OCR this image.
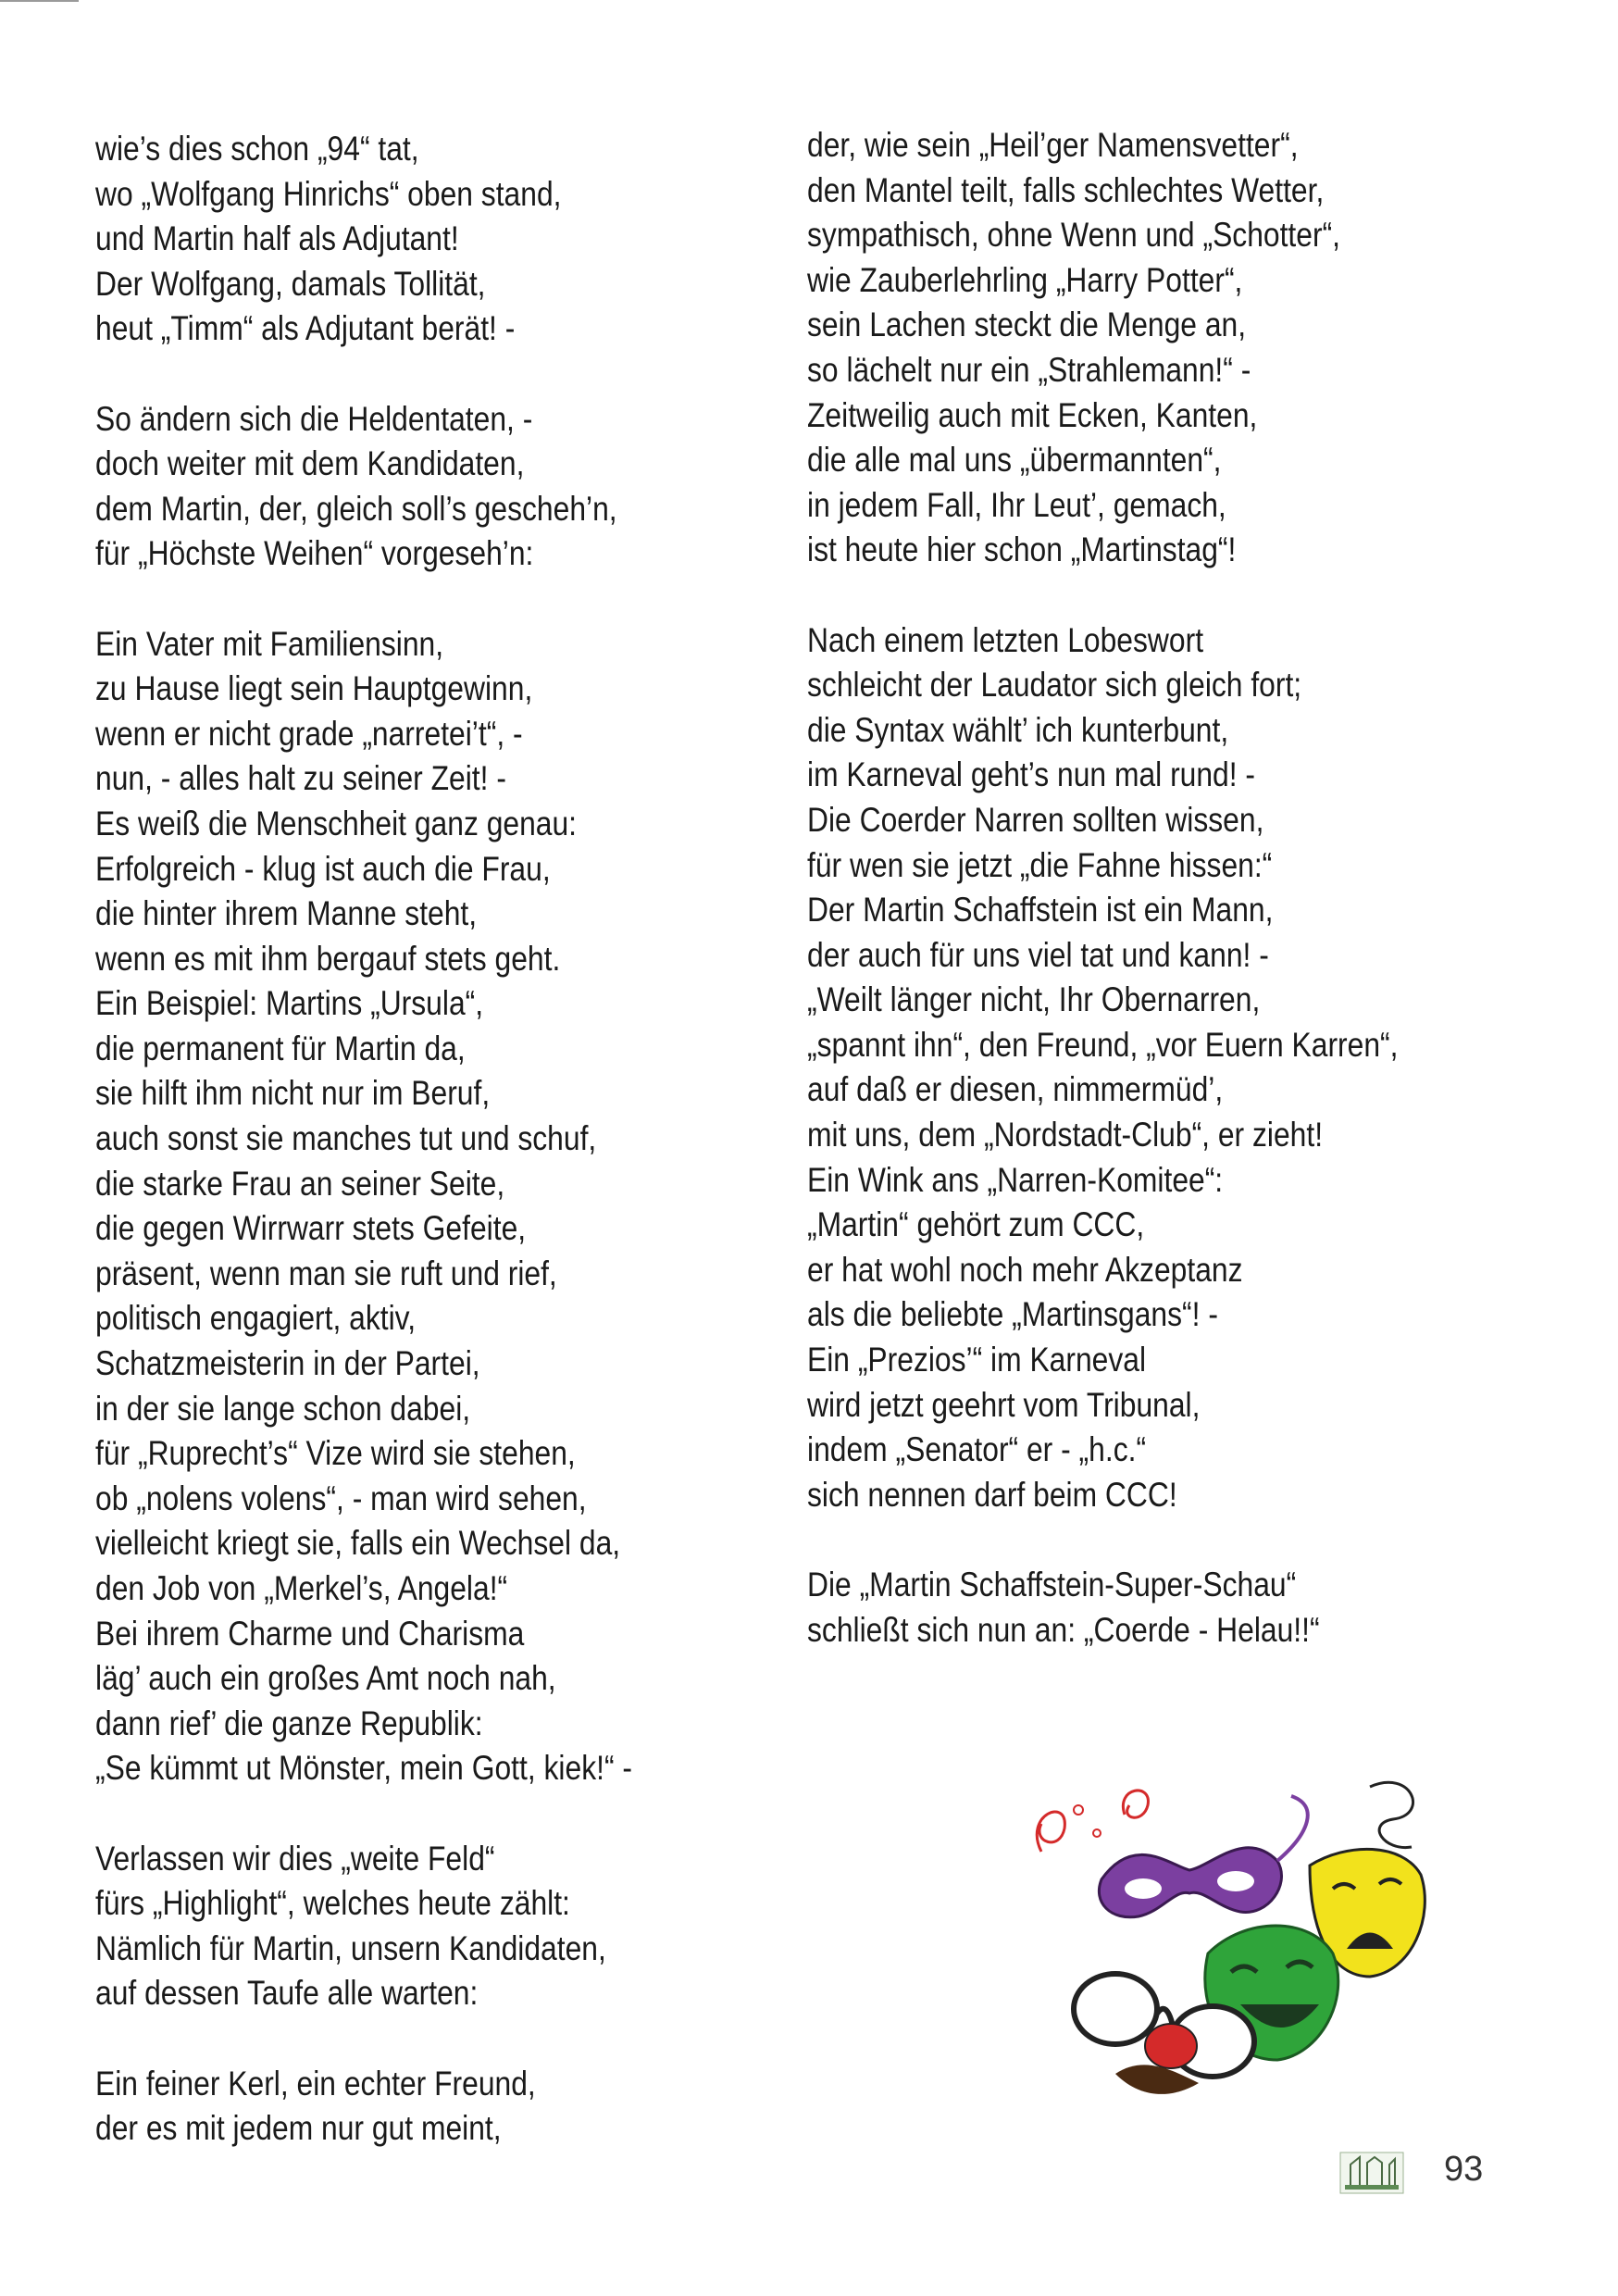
wie’s dies schon „94“ tat,
wo „Wolfgang Hinrichs“ oben stand,
und Martin half als Adjutant!
Der Wolfgang, damals Tollität,
heut „Timm“ als Adjutant berät! -
So ändern sich die Heldentaten, -
doch weiter mit dem Kandidaten,
dem Martin, der, gleich soll’s gescheh’n,
für „Höchste Weihen“ vorgeseh’n:
Ein Vater mit Familiensinn,
zu Hause liegt sein Hauptgewinn,
wenn er nicht grade „narretei’t“, -
nun, - alles halt zu seiner Zeit! -
Es weiß die Menschheit ganz genau:
Erfolgreich - klug ist auch die Frau,
die hinter ihrem Manne steht,
wenn es mit ihm bergauf stets geht.
Ein Beispiel: Martins „Ursula“,
die permanent für Martin da,
sie hilft ihm nicht nur im Beruf,
auch sonst sie manches tut und schuf,
die starke Frau an seiner Seite,
die gegen Wirrwarr stets Gefeite,
präsent, wenn man sie ruft und rief,
politisch engagiert, aktiv,
Schatzmeisterin in der Partei,
in der sie lange schon dabei,
für „Ruprecht’s“ Vize wird sie stehen,
ob „nolens volens“, - man wird sehen,
vielleicht kriegt sie, falls ein Wechsel da,
den Job von „Merkel’s, Angela!“
Bei ihrem Charme und Charisma
läg’ auch ein großes Amt noch nah,
dann rief’ die ganze Republik:
„Se kümmt ut Mönster, mein Gott, kiek!“ -
Verlassen wir dies „weite Feld“
fürs „Highlight“, welches heute zählt:
Nämlich für Martin, unsern Kandidaten,
auf dessen Taufe alle warten:
Ein feiner Kerl, ein echter Freund,
der es mit jedem nur gut meint,
der, wie sein „Heil’ger Namensvetter“,
den Mantel teilt, falls schlechtes Wetter,
sympathisch, ohne Wenn und „Schotter“,
wie Zauberlehrling „Harry Potter“,
sein Lachen steckt die Menge an,
so lächelt nur ein „Strahlemann!“ -
Zeitweilig auch mit Ecken, Kanten,
die alle mal uns „übermannten“,
in jedem Fall, Ihr Leut’, gemach,
ist heute hier schon „Martinstag“!
Nach einem letzten Lobeswort
schleicht der Laudator sich gleich fort;
die Syntax wählt’ ich kunterbunt,
im Karneval geht’s nun mal rund! -
Die Coerder Narren sollten wissen,
für wen sie jetzt „die Fahne hissen:“
Der Martin Schaffstein ist ein Mann,
der auch für uns viel tat und kann! -
„Weilt länger nicht, Ihr Obernarren,
„spannt ihn“, den Freund, „vor Euern Karren“,
auf daß er diesen, nimmermüd’,
mit uns, dem „Nordstadt-Club“, er zieht!
Ein Wink ans „Narren-Komitee“:
„Martin“ gehört zum CCC,
er hat wohl noch mehr Akzeptanz
als die beliebte „Martinsgans“! -
Ein „Prezios’“ im Karneval
wird jetzt geehrt vom Tribunal,
indem „Senator“ er - „h.c.“
sich nennen darf beim CCC!
Die „Martin Schaffstein-Super-Schau“
schließt sich nun an: „Coerde - Helau!!“
93
